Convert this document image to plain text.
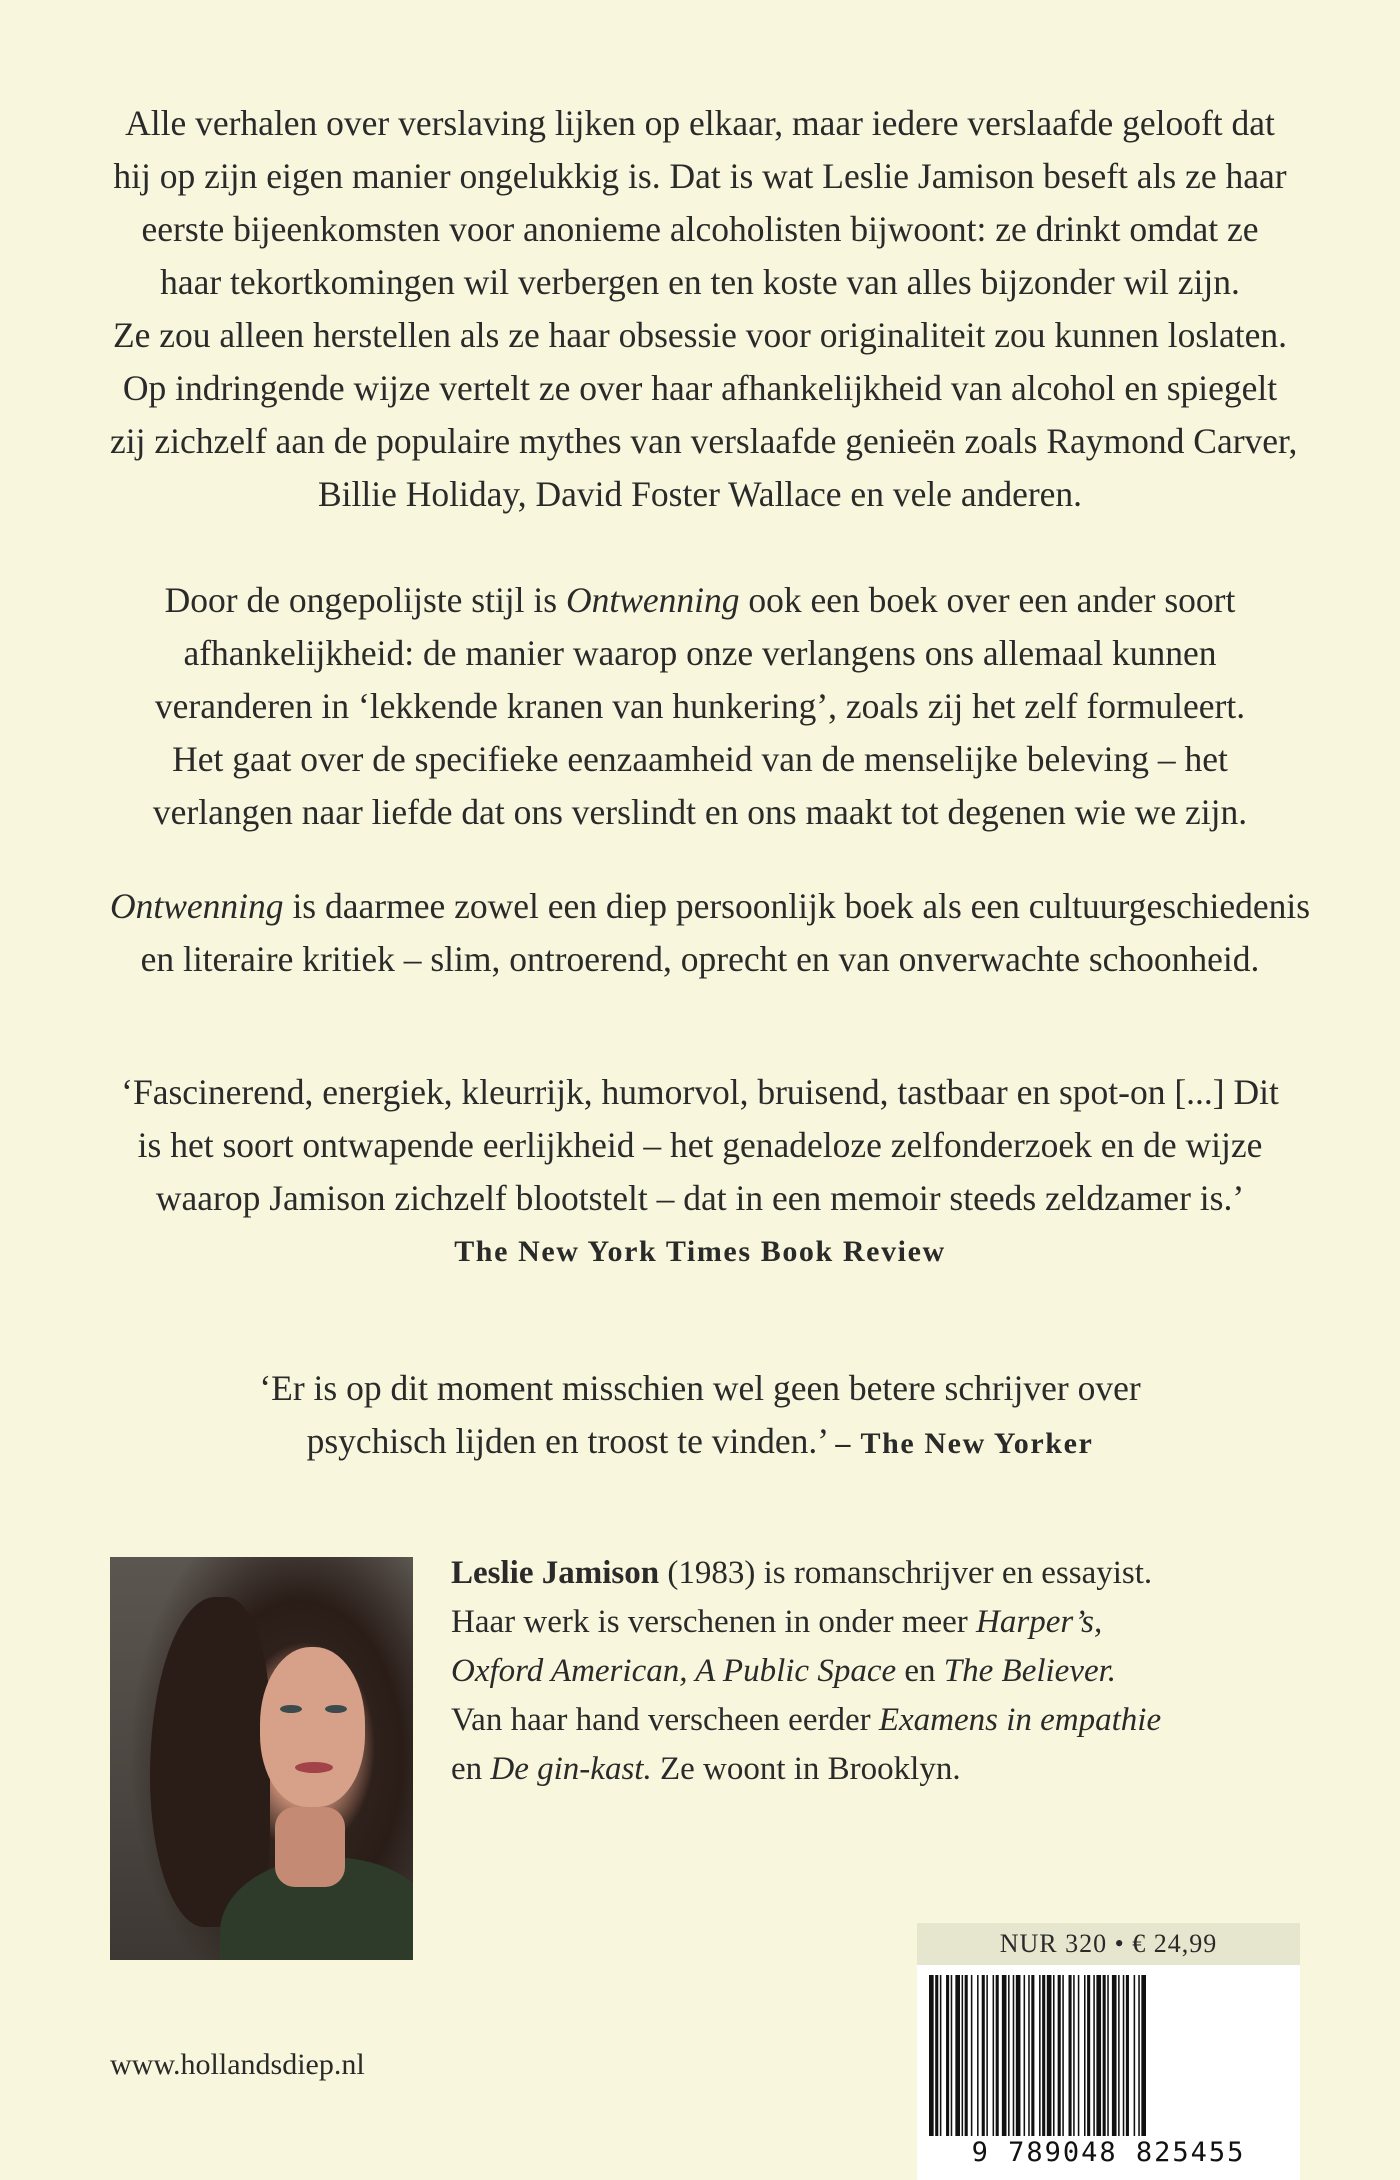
Alle verhalen over verslaving lijken op elkaar, maar iedere verslaafde gelooft dat
hij op zijn eigen manier ongelukkig is. Dat is wat Leslie Jamison beseft als ze haar
eerste bijeenkomsten voor anonieme alcoholisten bijwoont: ze drinkt omdat ze
haar tekortkomingen wil verbergen en ten koste van alles bijzonder wil zijn.
Ze zou alleen herstellen als ze haar obsessie voor originaliteit zou kunnen loslaten.
Op indringende wijze vertelt ze over haar afhankelijkheid van alcohol en spiegelt
zij zichzelf aan de populaire mythes van verslaafde genieën zoals Raymond Carver,
Billie Holiday, David Foster Wallace en vele anderen.
Door de ongepolijste stijl is Ontwenning ook een boek over een ander soort
afhankelijkheid: de manier waarop onze verlangens ons allemaal kunnen
veranderen in ‘lekkende kranen van hunkering’, zoals zij het zelf formuleert.
Het gaat over de specifieke eenzaamheid van de menselijke beleving – het
verlangen naar liefde dat ons verslindt en ons maakt tot degenen wie we zijn.
Ontwenning is daarmee zowel een diep persoonlijk boek als een cultuurgeschiedenis
en literaire kritiek – slim, ontroerend, oprecht en van onverwachte schoonheid.
‘Fascinerend, energiek, kleurrijk, humorvol, bruisend, tastbaar en spot-on [...] Dit
is het soort ontwapende eerlijkheid – het genadeloze zelfonderzoek en de wijze
waarop Jamison zichzelf blootstelt – dat in een memoir steeds zeldzamer is.’
The New York Times Book Review
‘Er is op dit moment misschien wel geen betere schrijver over
psychisch lijden en troost te vinden.’ – The New Yorker
Leslie Jamison (1983) is romanschrijver en essayist.
Haar werk is verschenen in onder meer Harper’s,
Oxford American, A Public Space en The Believer.
Van haar hand verscheen eerder Examens in empathie
en De gin-kast. Ze woont in Brooklyn.
www.hollandsdiep.nl
NUR 320 • € 24,99
9 789048 825455
